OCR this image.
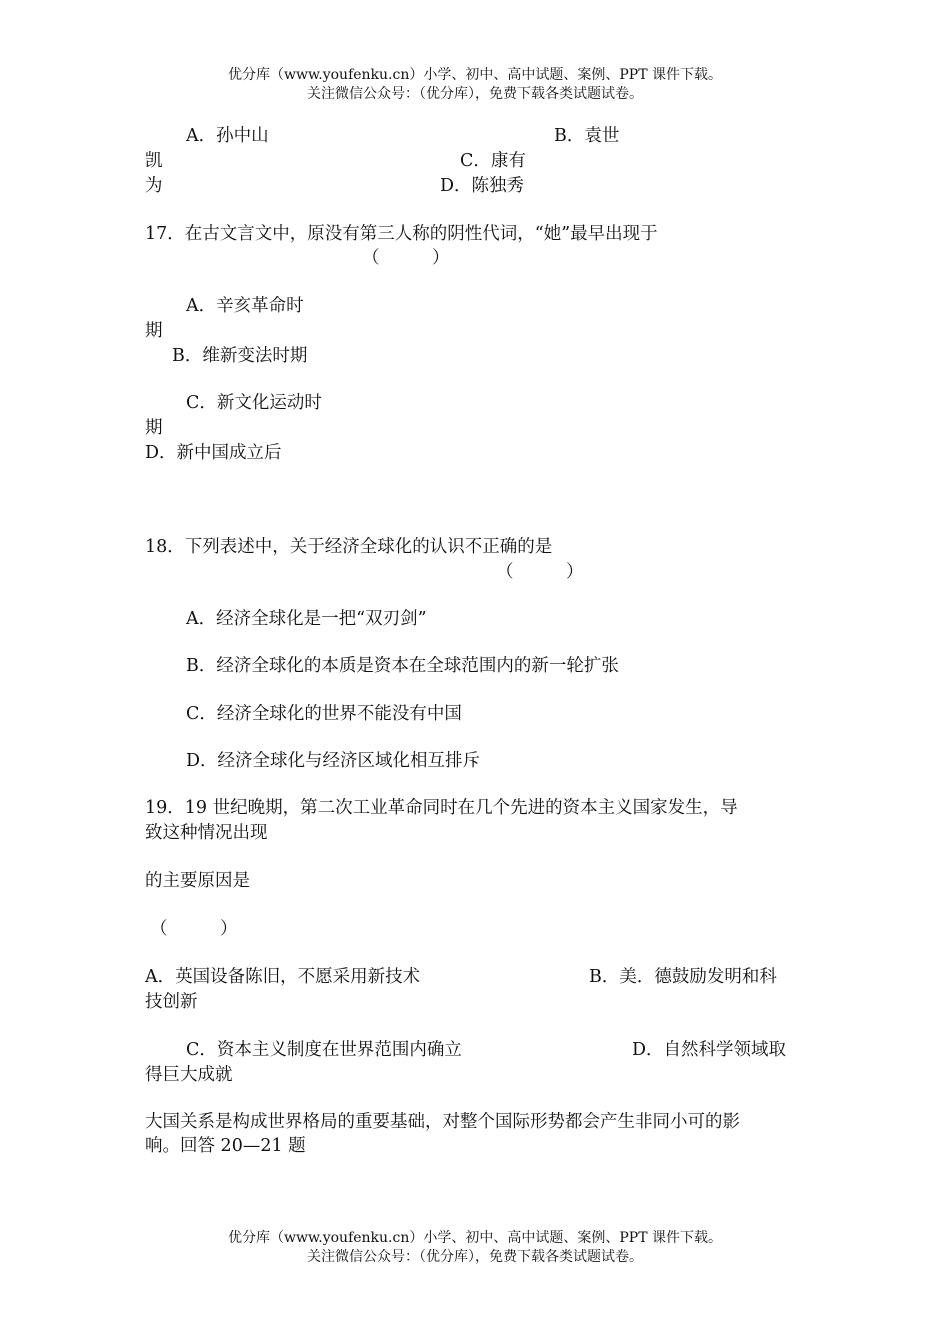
优分库（www.youfenku.cn）小学、初中、高中试题、案例、PPT 课件下载。
关注微信公众号：（优分库），免费下载各类试题试卷。
A．孙中山	B．袁世
凯	C．康有
为	D．陈独秀
17．在古文言文中，原没有第三人称的阴性代词，“她”最早出现于
（　　　）
A．辛亥革命时
期
B．维新变法时期
C．新文化运动时
期
D．新中国成立后
18．下列表述中，关于经济全球化的认识不正确的是
（　　　）
A．经济全球化是一把“双刃剑”
B．经济全球化的本质是资本在全球范围内的新一轮扩张
C．经济全球化的世界不能没有中国
D．经济全球化与经济区域化相互排斥
19．19 世纪晚期，第二次工业革命同时在几个先进的资本主义国家发生，导
致这种情况出现
的主要原因是
（　　　）
A．英国设备陈旧，不愿采用新技术	B．美．德鼓励发明和科
技创新
C．资本主义制度在世界范围内确立	D．自然科学领域取
得巨大成就
大国关系是构成世界格局的重要基础，对整个国际形势都会产生非同小可的影
响。回答 20—21 题
优分库（www.youfenku.cn）小学、初中、高中试题、案例、PPT 课件下载。
关注微信公众号：（优分库），免费下载各类试题试卷。
